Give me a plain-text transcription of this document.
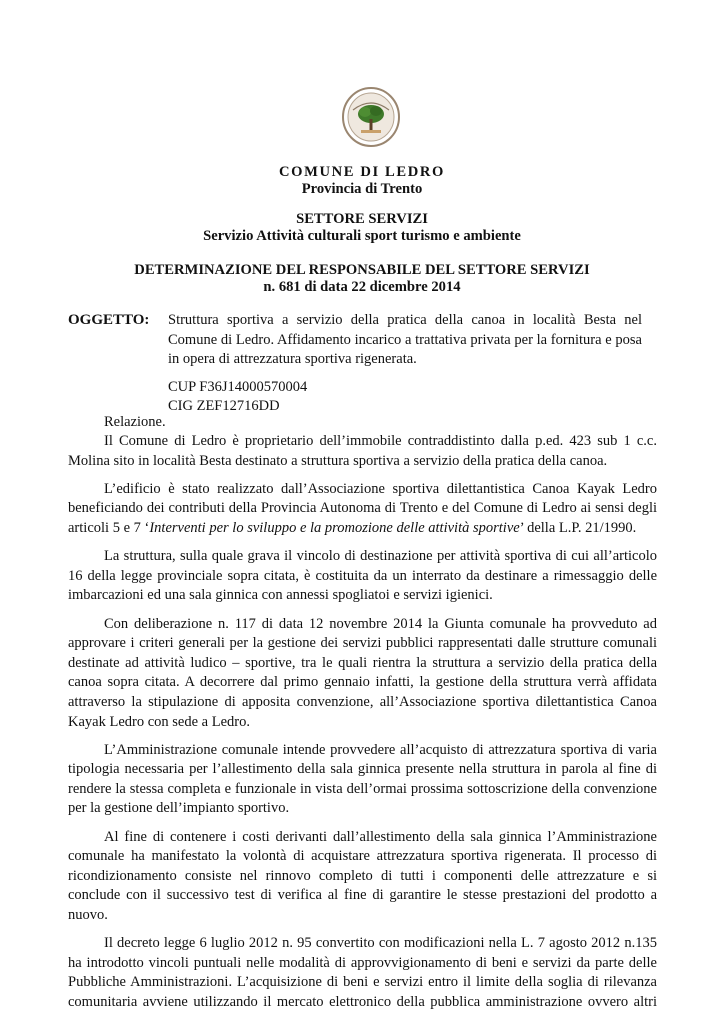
COMUNE DI LEDRO
Provincia di Trento
SETTORE SERVIZI
Servizio Attività culturali sport turismo e ambiente
DETERMINAZIONE DEL RESPONSABILE DEL SETTORE SERVIZI
n. 681 di data 22 dicembre 2014
OGGETTO: Struttura sportiva a servizio della pratica della canoa in località Besta nel Comune di Ledro. Affidamento incarico a trattativa privata per la fornitura e posa in opera di attrezzatura sportiva rigenerata.
CUP F36J14000570004
CIG ZEF12716DD
Relazione.

Il Comune di Ledro è proprietario dell’immobile contraddistinto dalla p.ed. 423 sub 1 c.c. Molina sito in località Besta destinato a struttura sportiva a servizio della pratica della canoa.

L’edificio è stato realizzato dall’Associazione sportiva dilettantistica Canoa Kayak Ledro beneficiando dei contributi della Provincia Autonoma di Trento e del Comune di Ledro ai sensi degli articoli 5 e 7 ‘Interventi per lo sviluppo e la promozione delle attività sportive’ della L.P. 21/1990.

La struttura, sulla quale grava il vincolo di destinazione per attività sportiva di cui all’articolo 16 della legge provinciale sopra citata, è costituita da un interrato da destinare a rimessaggio delle imbarcazioni ed una sala ginnica con annessi spogliatoi e servizi igienici.

Con deliberazione n. 117 di data 12 novembre 2014 la Giunta comunale ha provveduto ad approvare i criteri generali per la gestione dei servizi pubblici rappresentati dalle strutture comunali destinate ad attività ludico – sportive, tra le quali rientra la struttura a servizio della pratica della canoa sopra citata. A decorrere dal primo gennaio infatti, la gestione della struttura verrà affidata attraverso la stipulazione di apposita convenzione, all’Associazione sportiva dilettantistica Canoa Kayak Ledro con sede a Ledro.

L’Amministrazione comunale intende provvedere all’acquisto di attrezzatura sportiva di varia tipologia necessaria per l’allestimento della sala ginnica presente nella struttura in parola al fine di rendere la stessa completa e funzionale in vista dell’ormai prossima sottoscrizione della convenzione per la gestione dell’impianto sportivo.

Al fine di contenere i costi derivanti dall’allestimento della sala ginnica l’Amministrazione comunale ha manifestato la volontà di acquistare attrezzatura sportiva rigenerata. Il processo di ricondizionamento consiste nel rinnovo completo di tutti i componenti delle attrezzature e si conclude con il successivo test di verifica al fine di garantire le stesse prestazioni del prodotto a nuovo.

Il decreto legge 6 luglio 2012 n. 95 convertito con modificazioni nella L. 7 agosto 2012 n.135 ha introdotto vincoli puntuali nelle modalità di approvvigionamento di beni e servizi da parte delle Pubbliche Amministrazioni. L’acquisizione di beni e servizi entro il limite della soglia di rilevanza comunitaria avviene utilizzando il mercato elettronico della pubblica amministrazione ovvero altri
